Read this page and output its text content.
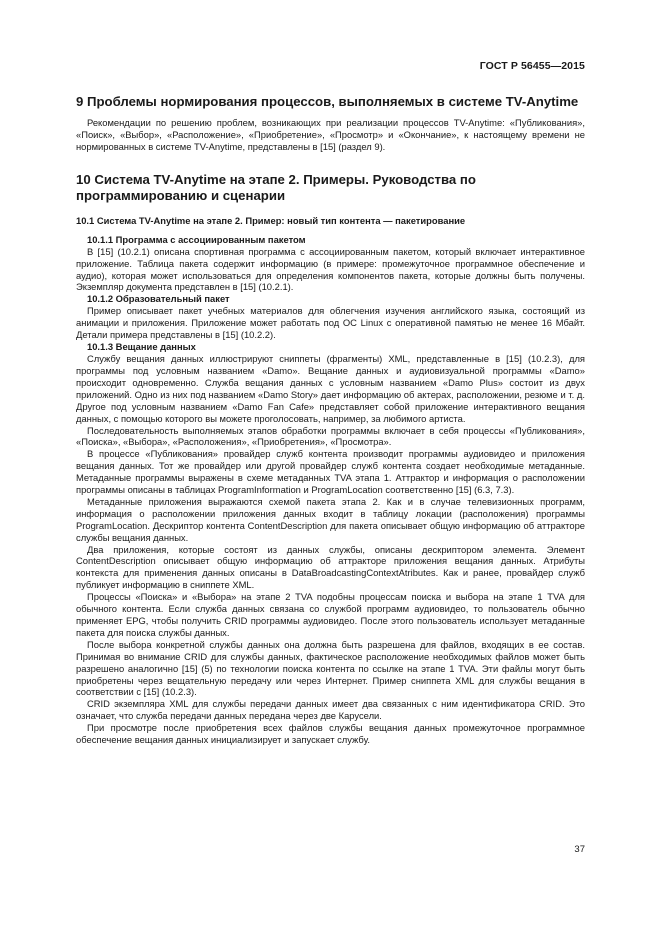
ГОСТ Р 56455—2015
9 Проблемы нормирования процессов, выполняемых в системе TV-Anytime

Рекомендации по решению проблем, возникающих при реализации процессов TV-Anytime: «Публикования», «Поиск», «Выбор», «Расположение», «Приобретение», «Просмотр» и «Окончание», к настоящему времени не нормированных в системе TV-Anytime, представлены в [15] (раздел 9).

10 Система TV-Anytime на этапе 2. Примеры. Руководства по программированию и сценарии
10.1 Система TV-Anytime на этапе 2. Пример: новый тип контента — пакетирование

10.1.1 Программа с ассоциированным пакетом

В [15] (10.2.1) описана спортивная программа с ассоциированным пакетом, который включает интерактивное приложение. Таблица пакета содержит информацию (в примере: промежуточное программное обеспечение и аудио), которая может использоваться для определения компонентов пакета, которые должны быть получены. Экземпляр документа представлен в [15] (10.2.1).

10.1.2 Образовательный пакет

Пример описывает пакет учебных материалов для облегчения изучения английского языка, состоящий из анимации и приложения. Приложение может работать под ОС Linux с оперативной памятью не менее 16 Мбайт. Детали примера представлены в [15] (10.2.2).

10.1.3 Вещание данных

Службу вещания данных иллюстрируют сниппеты (фрагменты) XML, представленные в [15] (10.2.3), для программы под условным названием «Damo». Вещание данных и аудиовизуальной программы «Damo» происходит одновременно. Служба вещания данных с условным названием «Damo Plus» состоит из двух приложений. Одно из них под названием «Damo Story» дает информацию об актерах, расположении, резюме и т. д. Другое под условным названием «Damo Fan Cafe» представляет собой приложение интерактивного вещания данных, с помощью которого вы можете проголосовать, например, за любимого артиста.

Последовательность выполняемых этапов обработки программы включает в себя процессы «Публикования», «Поиска», «Выбора», «Расположения», «Приобретения», «Просмотра».

В процессе «Публикования» провайдер служб контента производит программы аудиовидео и приложения вещания данных. Тот же провайдер или другой провайдер служб контента создает необходимые метаданные. Метаданные программы выражены в схеме метаданных TVA этапа 1. Аттрактор и информация о расположении программы описаны в таблицах ProgramInformation и ProgramLocation соответственно [15] (6.3, 7.3).

Метаданные приложения выражаются схемой пакета этапа 2. Как и в случае телевизионных программ, информация о расположении приложения данных входит в таблицу локации (расположения) программы ProgramLocation. Дескриптор контента ContentDescription для пакета описывает общую информацию об аттракторе службы вещания данных.

Два приложения, которые состоят из данных службы, описаны дескриптором элемента. Элемент ContentDescription описывает общую информацию об аттракторе приложения вещания данных. Атрибуты контекста для применения данных описаны в DataBroadcastingContextAtributes. Как и ранее, провайдер служб публикует информацию в сниппете XML.

Процессы «Поиска» и «Выбора» на этапе 2 TVA подобны процессам поиска и выбора на этапе 1 TVA для обычного контента. Если служба данных связана со службой программ аудиовидео, то пользователь обычно применяет EPG, чтобы получить CRID программы аудиовидео. После этого пользователь использует метаданные пакета для поиска службы данных.

После выбора конкретной службы данных она должна быть разрешена для файлов, входящих в ее состав. Принимая во внимание CRID для службы данных, фактическое расположение необходимых файлов может быть разрешено аналогично [15] (5) по технологии поиска контента по ссылке на этапе 1 TVA. Эти файлы могут быть приобретены через вещательную передачу или через Интернет. Пример сниппета XML для службы вещания в соответствии с [15] (10.2.3).

CRID экземпляра XML для службы передачи данных имеет два связанных с ним идентификатора CRID. Это означает, что служба передачи данных передана через две Карусели.

При просмотре после приобретения всех файлов службы вещания данных промежуточное программное обеспечение вещания данных инициализирует и запускает службу.

37
